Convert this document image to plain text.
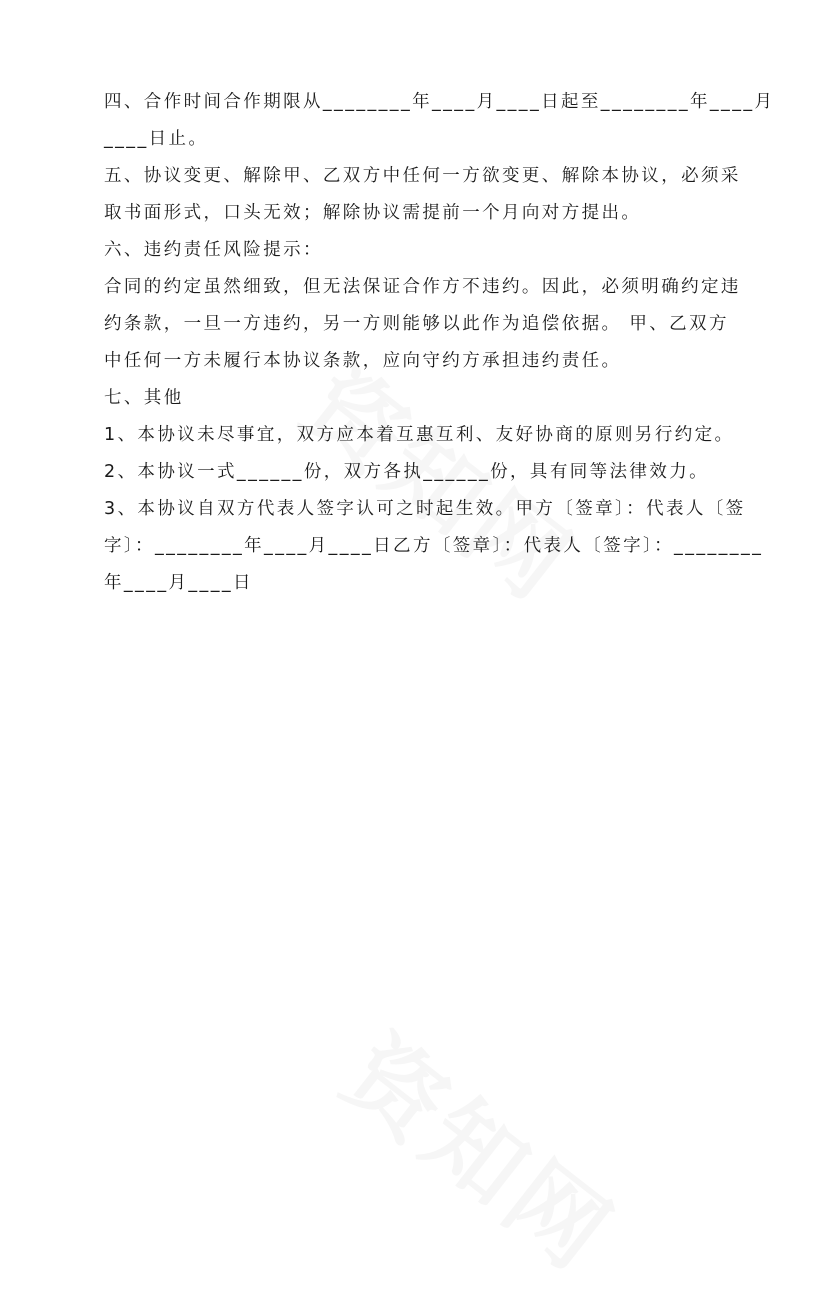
四、合作时间合作期限从________年____月____日起至________年____月
____日止。
五、协议变更、解除甲、乙双方中任何一方欲变更、解除本协议，必须采
取书面形式，口头无效；解除协议需提前一个月向对方提出。
六、违约责任风险提示：
合同的约定虽然细致，但无法保证合作方不违约。因此，必须明确约定违
约条款，一旦一方违约，另一方则能够以此作为追偿依据。 甲、乙双方
中任何一方未履行本协议条款，应向守约方承担违约责任。
七、其他
1、本协议未尽事宜，双方应本着互惠互利、友好协商的原则另行约定。
2、本协议一式______份，双方各执______份，具有同等法律效力。
3、本协议自双方代表人签字认可之时起生效。甲方〔签章〕：代表人〔签
字〕：________年____月____日乙方〔签章〕：代表人〔签字〕：________
年____月____日
